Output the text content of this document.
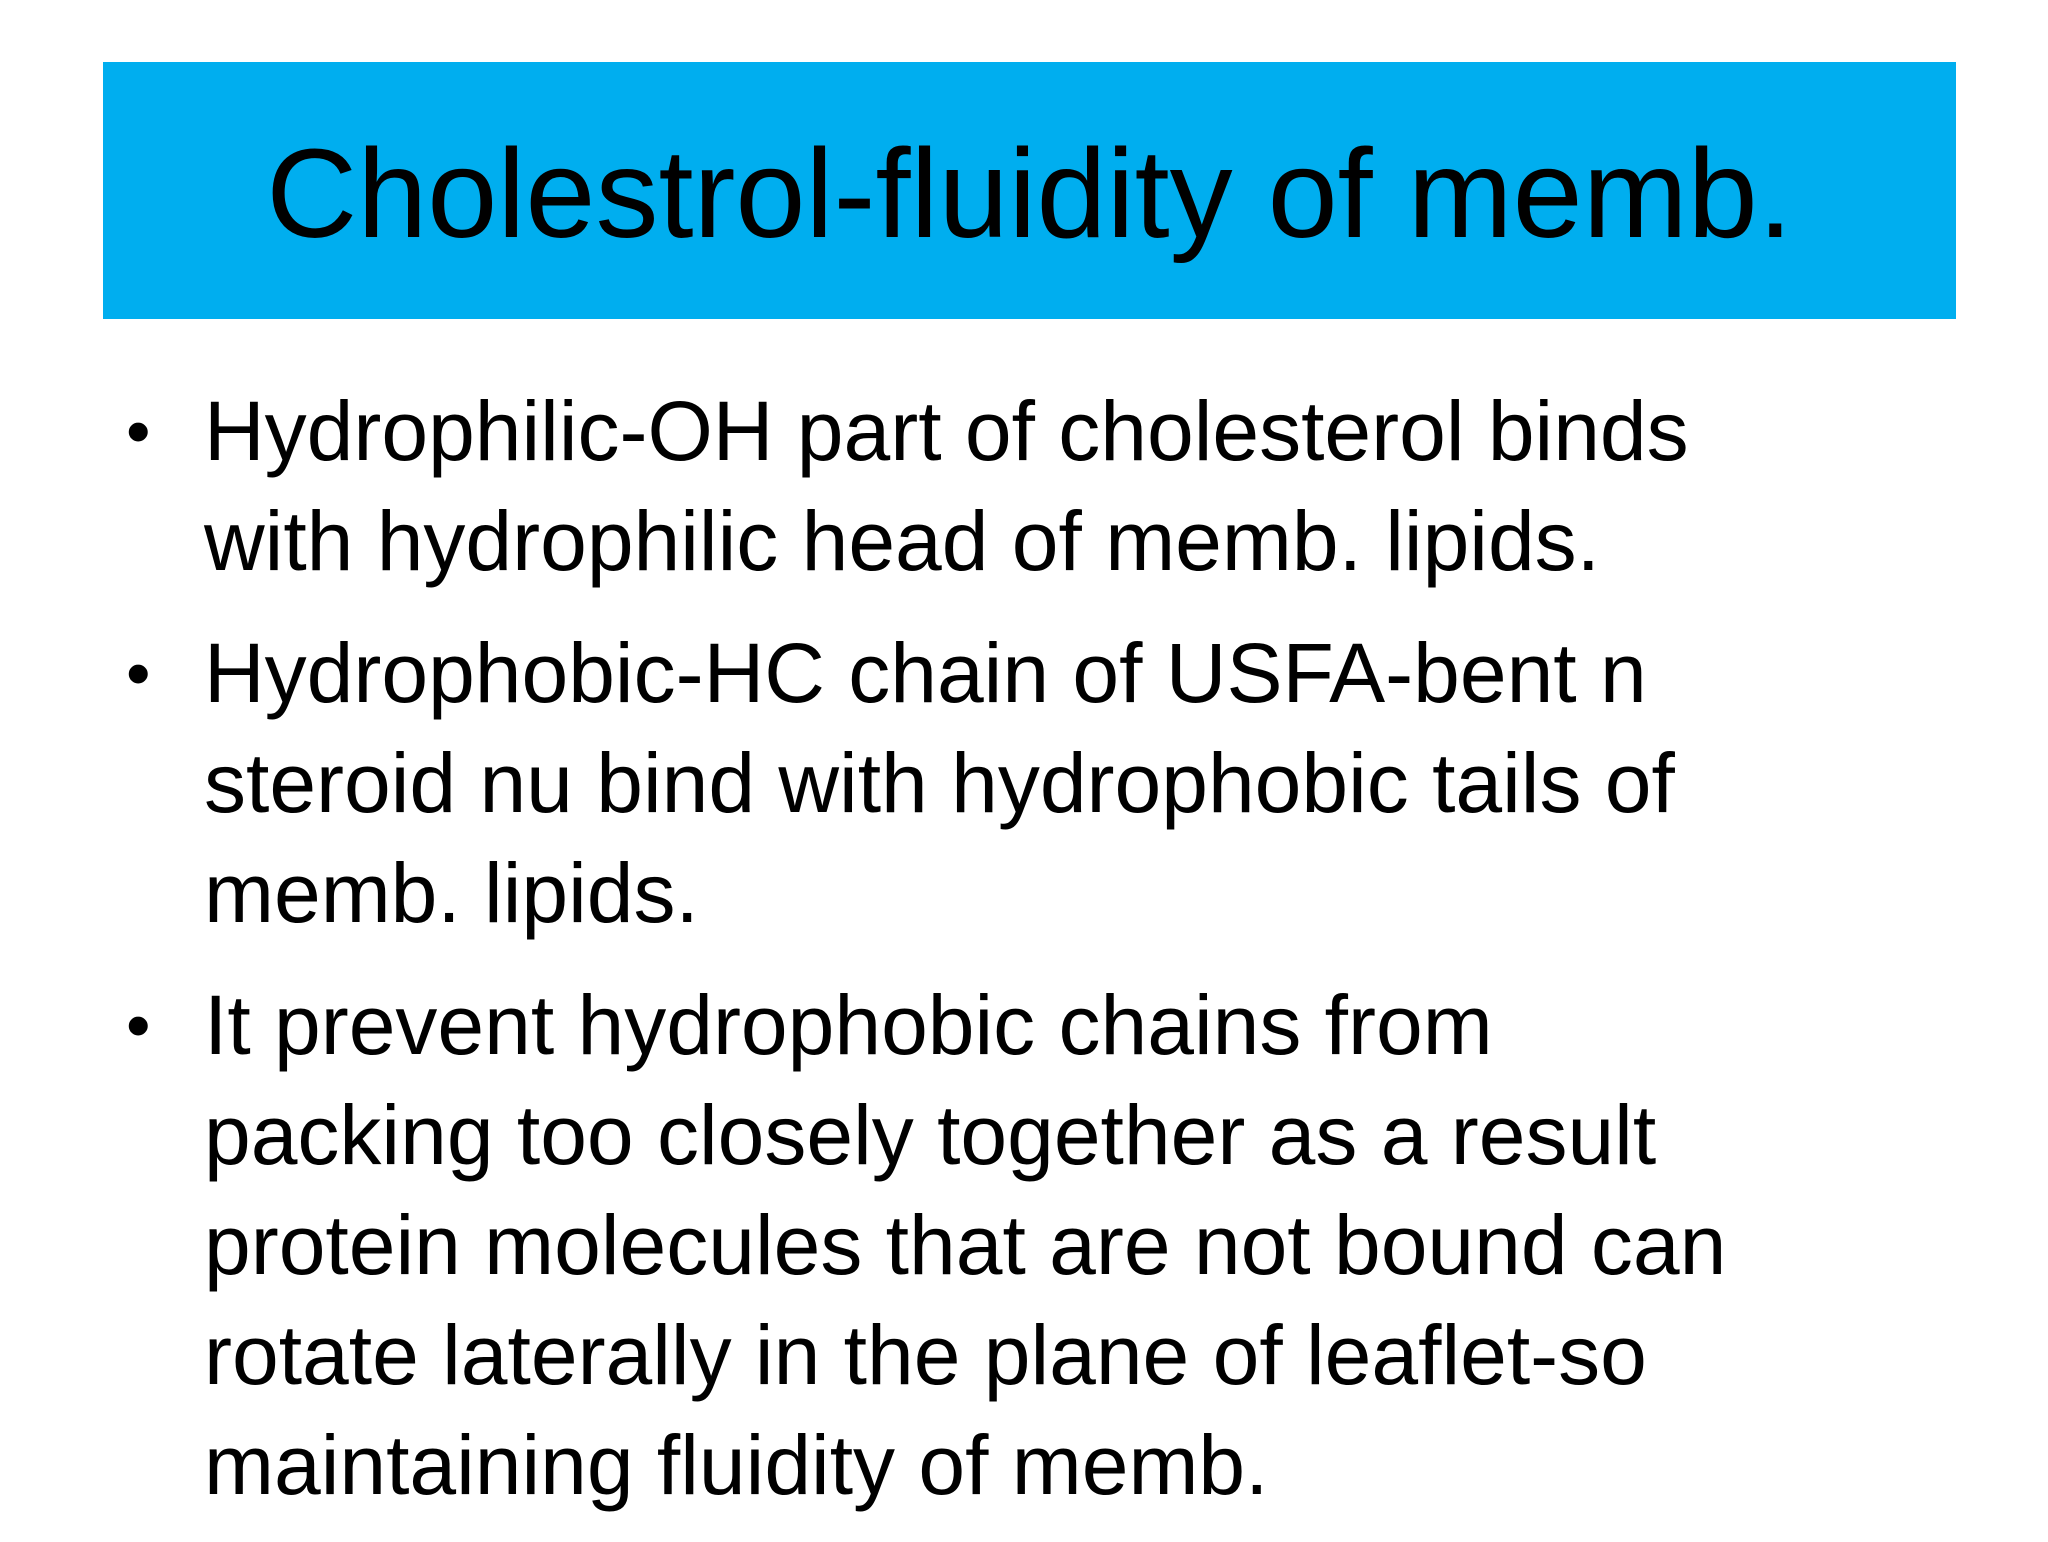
Cholestrol-fluidity of memb.
• Hydrophilic-OH part of cholesterol binds
with hydrophilic head of memb. lipids.
• Hydrophobic-HC chain of USFA-bent n
steroid nu bind with hydrophobic tails of
memb. lipids.
• It prevent hydrophobic chains from
packing too closely together as a result
protein molecules that are not bound can
rotate laterally in the plane of leaflet-so
maintaining fluidity of memb.
